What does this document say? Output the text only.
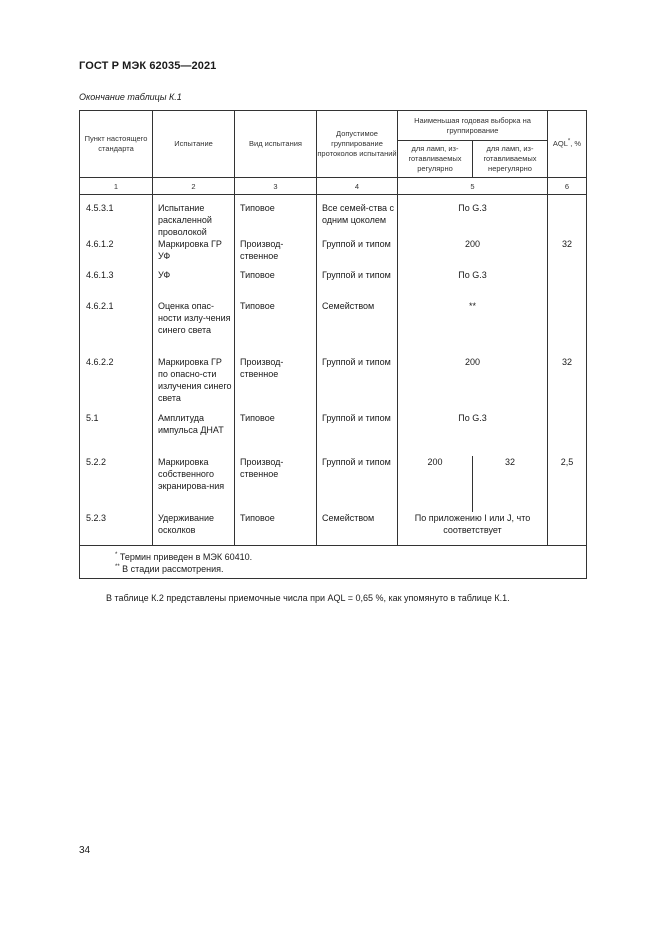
ГОСТ Р МЭК 62035—2021
Окончание таблицы К.1
Пункт настоящего стандарта	Испытание	Вид испытания	Допустимое группирование протоколов испытаний	Наименьшая годовая выборка на группирование		AQL*, %
				для ламп, из-готавливаемых регулярно	для ламп, из-готавливаемых нерегулярно	
1	2	3	4	5		6
4.5.3.1	Испытание раскаленной проволокой	Типовое	Все семей-ства с одним цоколем	По G.3		
4.6.1.2	Маркировка ГР УФ	Производ-ственное	Группой и типом	200		32
4.6.1.3	УФ	Типовое	Группой и типом	По G.3		
4.6.2.1	Оценка опас-ности излу-чения синего света	Типовое	Семейством	**		
4.6.2.2	Маркировка ГР по опасно-сти излучения синего света	Производ-ственное	Группой и типом	200		32
5.1	Амплитуда импульса ДНАТ	Типовое	Группой и типом	По G.3		
5.2.2	Маркировка собственного экранирова-ния	Производ-ственное	Группой и типом	200	32	2,5
5.2.3	Удерживание осколков	Типовое	Семейством	По приложению I или J, что соответствует		

* Термин приведен в МЭК 60410.
** В стадии рассмотрения.						
В таблице К.2 представлены приемочные числа при AQL = 0,65 %, как упомянуто в таблице К.1.
34
